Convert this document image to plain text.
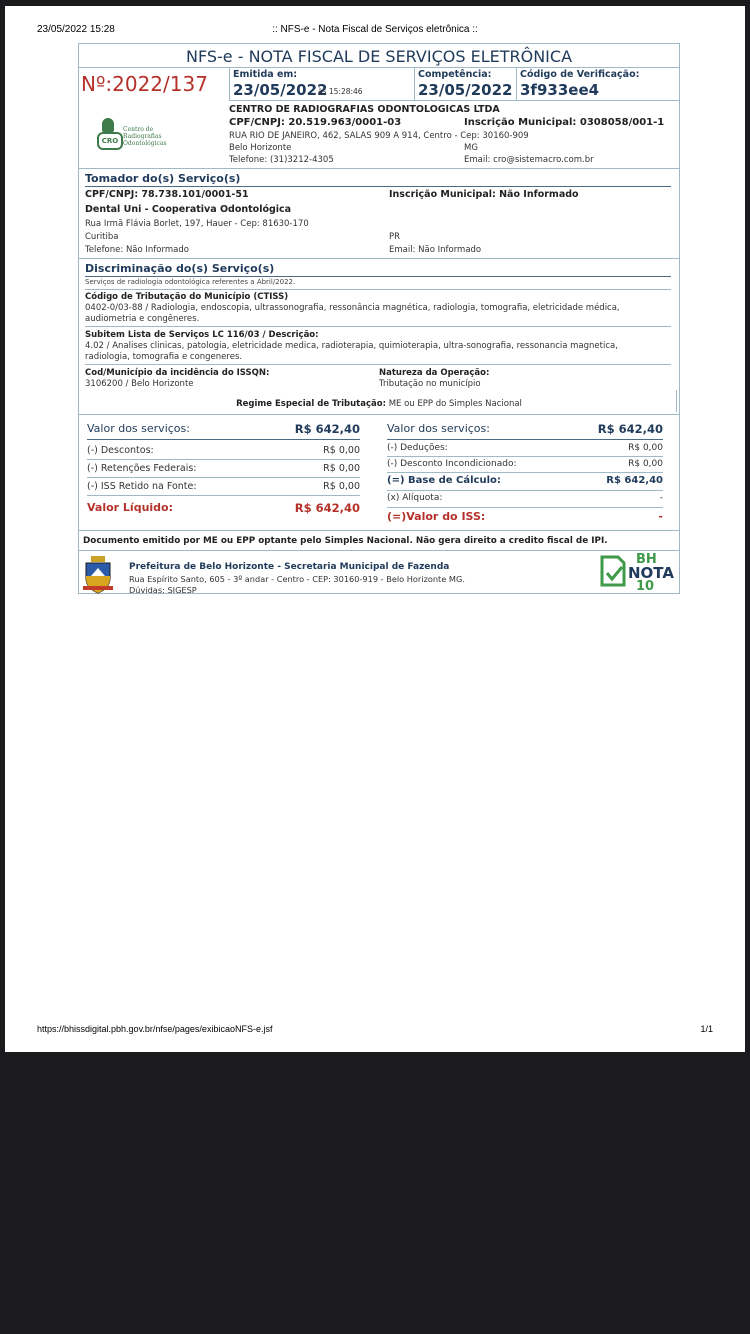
23/05/2022 15:28	:: NFS-e - Nota Fiscal de Serviços eletrônica ::
NFS-e - NOTA FISCAL DE SERVIÇOS ELETRÔNICA
Nº:2022/137	Emitida em:
23/05/2022
às 15:28:46
Competência:
23/05/2022
Código de Verificação:
3f933ee4
CRO
Centro de
Radiografias
Odontológicas
CENTRO DE RADIOGRAFIAS ODONTOLOGICAS LTDA
CPF/CNPJ: 20.519.963/0001-03	Inscrição Municipal: 0308058/001-1
RUA RIO DE JANEIRO, 462, SALAS 909 A 914, Centro - Cep: 30160-909
Belo Horizonte	MG
Telefone: (31)3212-4305	Email: cro@sistemacro.com.br
Tomador do(s) Serviço(s)
CPF/CNPJ: 78.738.101/0001-51	Inscrição Municipal: Não Informado
Dental Uni - Cooperativa Odontológica
Rua Irmã Flávia Borlet, 197, Hauer - Cep: 81630-170
Curitiba	PR
Telefone: Não Informado	Email: Não Informado
Discriminação do(s) Serviço(s)
Serviços de radiologia odontológica referentes a Abril/2022.
Código de Tributação do Município (CTISS)
0402-0/03-88 / Radiologia, endoscopia, ultrassonografia, ressonância magnética, radiologia, tomografia, eletricidade médica,
audiometria e congêneres.
Subitem Lista de Serviços LC 116/03 / Descrição:
4.02 / Analises clinicas, patologia, eletricidade medica, radioterapia, quimioterapia, ultra-sonografia, ressonancia magnetica,
radiologia, tomografia e congeneres.
Cod/Município da incidência do ISSQN:
3106200 / Belo Horizonte
Natureza da Operação:
Tributação no município
Regime Especial de Tributação: ME ou EPP do Simples Nacional
Valor dos serviços:	R$ 642,40
(-) Descontos:	R$ 0,00
(-) Retenções Federais:	R$ 0,00
(-) ISS Retido na Fonte:	R$ 0,00
Valor Líquido:	R$ 642,40
Valor dos serviços:	R$ 642,40
(-) Deduções:	R$ 0,00
(-) Desconto Incondicionado:	R$ 0,00
(=) Base de Cálculo:	R$ 642,40
(x) Alíquota:	-
(=)Valor do ISS:	-
Documento emitido por ME ou EPP optante pelo Simples Nacional. Não gera direito a credito fiscal de IPI.
Prefeitura de Belo Horizonte - Secretaria Municipal de Fazenda
Rua Espírito Santo, 605 - 3º andar - Centro - CEP: 30160-919 - Belo Horizonte MG.
Dúvidas: SIGESP
BH
NOTA
10
https://bhissdigital.pbh.gov.br/nfse/pages/exibicaoNFS-e.jsf	1/1
